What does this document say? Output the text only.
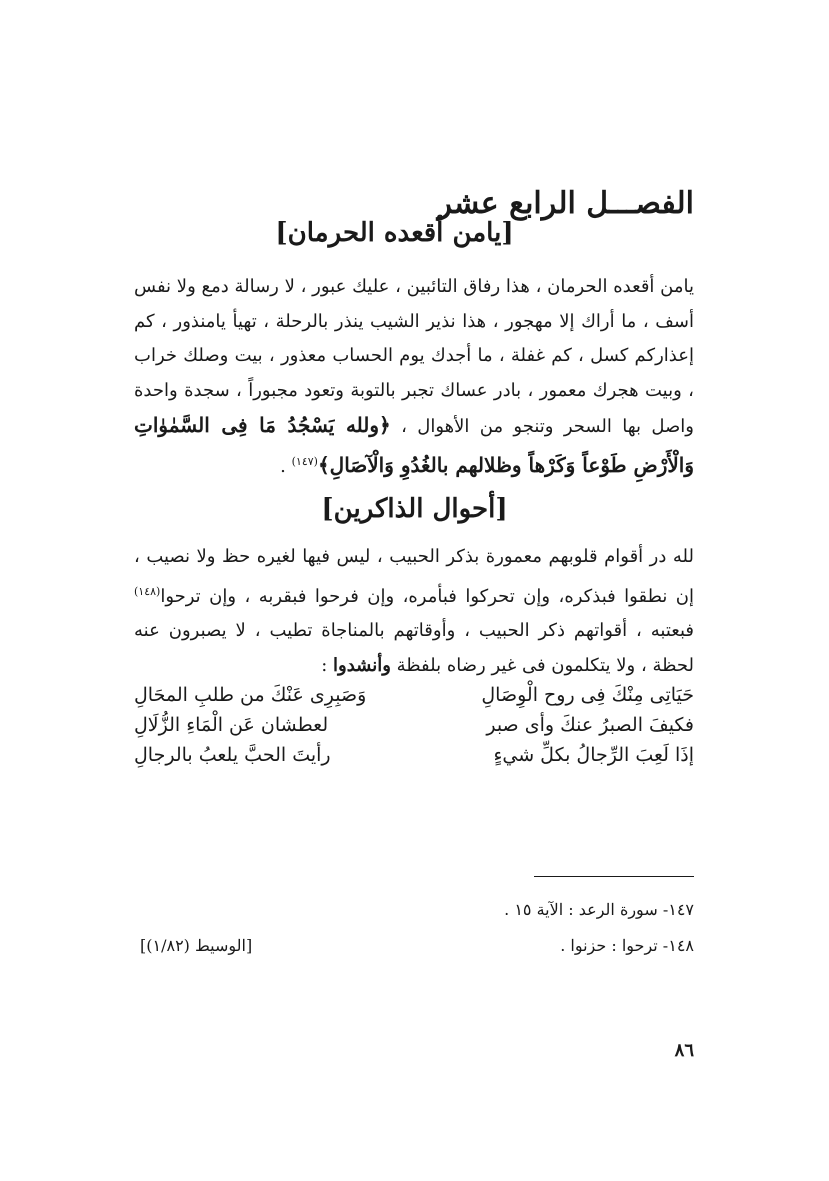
الفصـــل الرابع عشر
[يامن أقعده الحرمان]

يامن أقعده الحرمان ، هذا رفاق التائبين ، عليك عبور ، لا رسالة دمع ولا نفس أسف ، ما أراك إلا مهجور ، هذا نذير الشيب ينذر بالرحلة ، تهيأ يامنذور ، كم إعذاركم كسل ، كم غفلة ، ما أجدك يوم الحساب معذور ، بيت وصلك خراب ، وبيت هجرك معمور ، بادر عساك تجبر بالتوبة وتعود مجبوراً ، سجدة واحدة واصل بها السحر وتنجو من الأهوال ، ﴿ولله يَسْجُدُ مَا فِى السَّمٰوٰاتِ وَالْأَرْضِ طَوْعاً وَكَرْهاً وظلالهم بالغُدُوِ وَالْآصَالِ﴾$^{(١٤٧)}$ .

[أحوال الذاكرين]

لله در أقوام قلوبهم معمورة بذكر الحبيب ، ليس فيها لغيره حظ ولا نصيب ، إن نطقوا فبذكره، وإن تحركوا فبأمره، وإن فرحوا فبقربه ، وإن ترحوا$^{(١٤٨)}$ فبعتبه ، أقواتهم ذكر الحبيب ، وأوقاتهم بالمناجاة تطيب ، لا يصبرون عنه لحظة ، ولا يتكلمون فى غير رضاه بلفظة وأنشدوا :

حَيَاتِى مِنْكَ فِى روح الْوِصَالِ
وَصَبِرِى عَنْكَ من طلبِ المحَالِ
فكيفَ الصبرُ عنكَ وأى صبر
لعطشان عَن الْمَاءِ الزُّلَالِ
إذَا لَعِبَ الرِّجالُ بكلِّ شيءٍ
رأيتَ الحبَّ يلعبُ بالرجالِ

١٤٧- سورة الرعد : الآية ١٥ .

١٤٨- ترحوا : حزنوا .

[الوسيط (١/٨٢)]

٨٦
